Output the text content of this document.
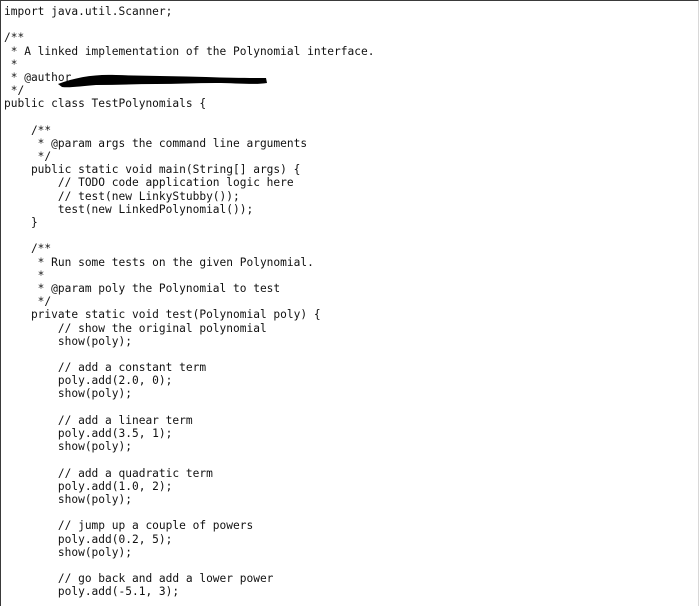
import java.util.Scanner;
/**
* A linked implementation of the Polynomial interface.
*
* @author
*/
public class TestPolynomials {
/**
* @param args the command line arguments
*/
public static void main(String[] args) {
// TODO code application logic here
// test(new LinkyStubby());
test(new LinkedPolynomial());
}
/**
* Run some tests on the given Polynomial.
*
* @param poly the Polynomial to test
*/
private static void test(Polynomial poly) {
// show the original polynomial
show(poly);
// add a constant term
poly.add(2.0, 0);
show(poly);
// add a linear term
poly.add(3.5, 1);
show(poly);
// add a quadratic term
poly.add(1.0, 2);
show(poly);
// jump up a couple of powers
poly.add(0.2, 5);
show(poly);
// go back and add a lower power
poly.add(-5.1, 3);
